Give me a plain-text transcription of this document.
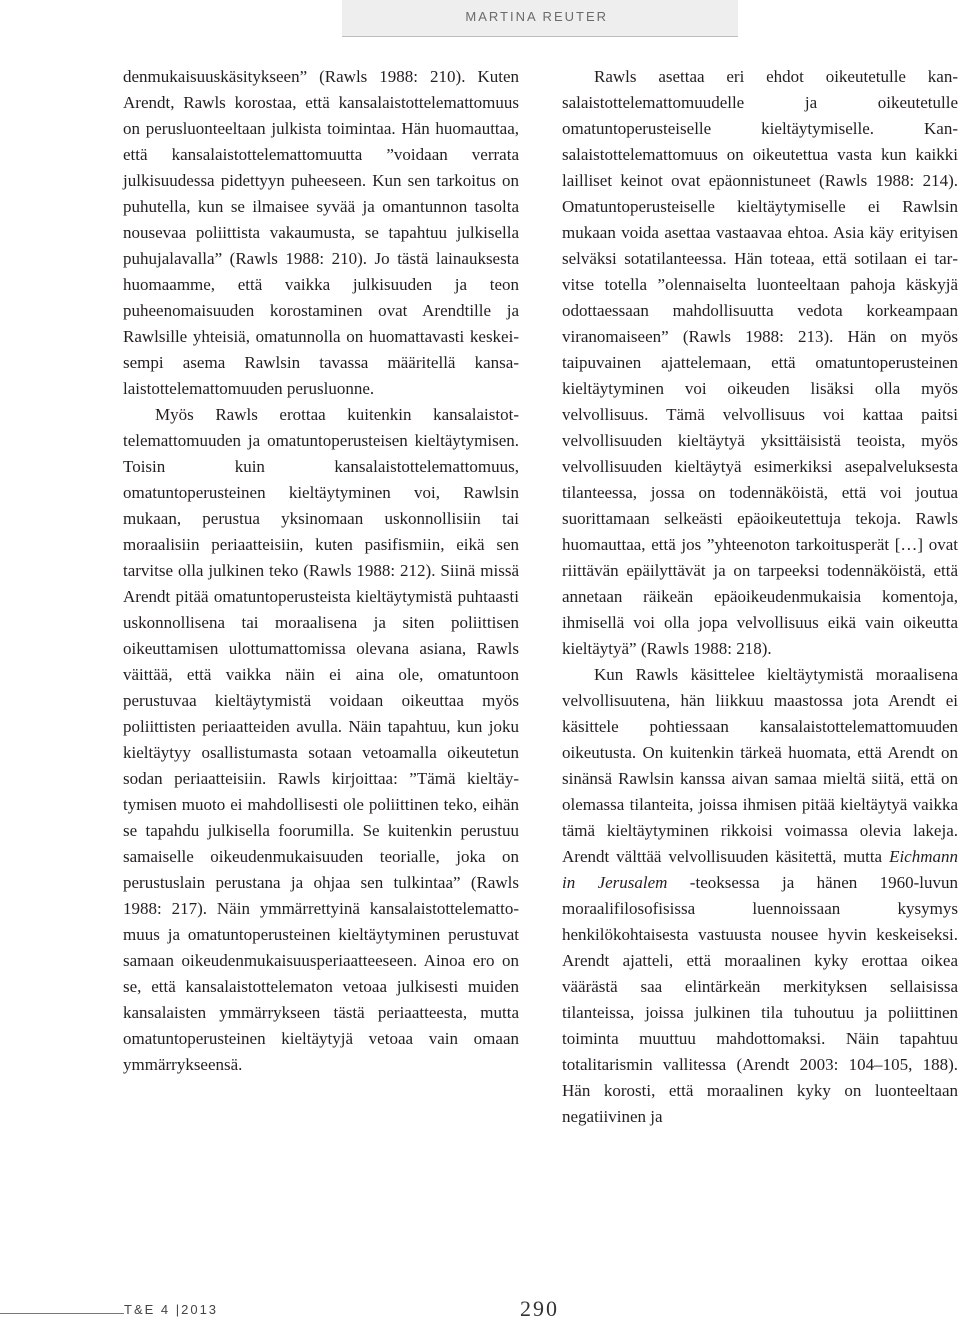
MARTINA REUTER

denmukaisuuskäsitykseen” (Rawls 1988: 210). Kuten Arendt, Rawls korostaa, että kansalaistottelemattomuus on perusluonteeltaan julkista toimintaa. Hän huomauttaa, että kansalaistottelemattomuutta ”voidaan verrata julkisuudessa pidettyyn puheeseen. Kun sen tarkoitus on puhutella, kun se ilmaisee syvää ja omantunnon tasolta nousevaa poliittista vakaumusta, se tapahtuu julkisella puhujalavalla” (Rawls 1988: 210). Jo tästä lainauksesta huomaamme, että vaikka julkisuuden ja teon puheenomaisuuden korostaminen ovat Arendtille ja Rawlsille yhteisiä, omatunnolla on huomattavasti keskeisempi asema Rawlsin tavassa määritellä kansalaistottelemattomuuden perusluonne.

Myös Rawls erottaa kuitenkin kansalaistottelemattomuuden ja omatuntoperusteisen kieltäytymisen. Toisin kuin kansalaistottelemattomuus, omatuntoperusteinen kieltäytyminen voi, Rawlsin mukaan, perustua yksinomaan uskonnollisiin tai moraalisiin periaatteisiin, kuten pasifismiin, eikä sen tarvitse olla julkinen teko (Rawls 1988: 212). Siinä missä Arendt pitää omatuntoperusteista kieltäytymistä puhtaasti uskonnollisena tai moraalisena ja siten poliittisen oikeuttamisen ulottumattomissa olevana asiana, Rawls väittää, että vaikka näin ei aina ole, omatuntoon perustuvaa kieltäytymistä voidaan oikeuttaa myös poliittisten periaatteiden avulla. Näin tapahtuu, kun joku kieltäytyy osallistumasta sotaan vetoamalla oikeutetun sodan periaatteisiin. Rawls kirjoittaa: ”Tämä kieltäytymisen muoto ei mahdollisesti ole poliittinen teko, eihän se tapahdu julkisella foorumilla. Se kuitenkin perustuu samaiselle oikeudenmukaisuuden teorialle, joka on perustuslain perustana ja ohjaa sen tulkintaa” (Rawls 1988: 217). Näin ymmärrettyinä kansalaistottelemattomuus ja omatuntoperusteinen kieltäytyminen perustuvat samaan oikeudenmukaisuusperiaatteeseen. Ainoa ero on se, että kansalaistottelematon vetoaa julkisesti muiden kansalaisten ymmärrykseen tästä periaatteesta, mutta omatuntoperusteinen kieltäytyjä vetoaa vain omaan ymmärrykseensä.

Rawls asettaa eri ehdot oikeutetulle kansalaistottelemattomuudelle ja oikeutetulle omatuntoperusteiselle kieltäytymiselle. Kansalaistottelemattomuus on oikeutettua vasta kun kaikki lailliset keinot ovat epäonnistuneet (Rawls 1988: 214). Omatuntoperusteiselle kieltäytymiselle ei Rawlsin mukaan voida asettaa vastaavaa ehtoa. Asia käy erityisen selväksi sotatilanteessa. Hän toteaa, että sotilaan ei tarvitse totella ”olennaiselta luonteeltaan pahoja käskyjä odottaessaan mahdollisuutta vedota korkeampaan viranomaiseen” (Rawls 1988: 213). Hän on myös taipuvainen ajattelemaan, että omatuntoperusteinen kieltäytyminen voi oikeuden lisäksi olla myös velvollisuus. Tämä velvollisuus voi kattaa paitsi velvollisuuden kieltäytyä yksittäisistä teoista, myös velvollisuuden kieltäytyä esimerkiksi asepalveluksesta tilanteessa, jossa on todennäköistä, että voi joutua suorittamaan selkeästi epäoikeutettuja tekoja. Rawls huomauttaa, että jos ”yhteenoton tarkoitusperät […] ovat riittävän epäilyttävät ja on tarpeeksi todennäköistä, että annetaan räikeän epäoikeudenmukaisia komentoja, ihmisellä voi olla jopa velvollisuus eikä vain oikeutta kieltäytyä” (Rawls 1988: 218).

Kun Rawls käsittelee kieltäytymistä moraalisena velvollisuutena, hän liikkuu maastossa jota Arendt ei käsittele pohtiessaan kansalaistottelemattomuuden oikeutusta. On kuitenkin tärkeä huomata, että Arendt on sinänsä Rawlsin kanssa aivan samaa mieltä siitä, että on olemassa tilanteita, joissa ihmisen pitää kieltäytyä vaikka tämä kieltäytyminen rikkoisi voimassa olevia lakeja. Arendt välttää velvollisuuden käsitettä, mutta Eichmann in Jerusalem -teoksessa ja hänen 1960-luvun moraalifilosofisissa luennoissaan kysymys henkilökohtaisesta vastuusta nousee hyvin keskeiseksi. Arendt ajatteli, että moraalinen kyky erottaa oikea väärästä saa elintärkeän merkityksen sellaisissa tilanteissa, joissa julkinen tila tuhoutuu ja poliittinen toiminta muuttuu mahdottomaksi. Näin tapahtuu totalitarismin vallitessa (Arendt 2003: 104–105, 188). Hän korosti, että moraalinen kyky on luonteeltaan negatiivinen ja

T&E 4 |2013	290
